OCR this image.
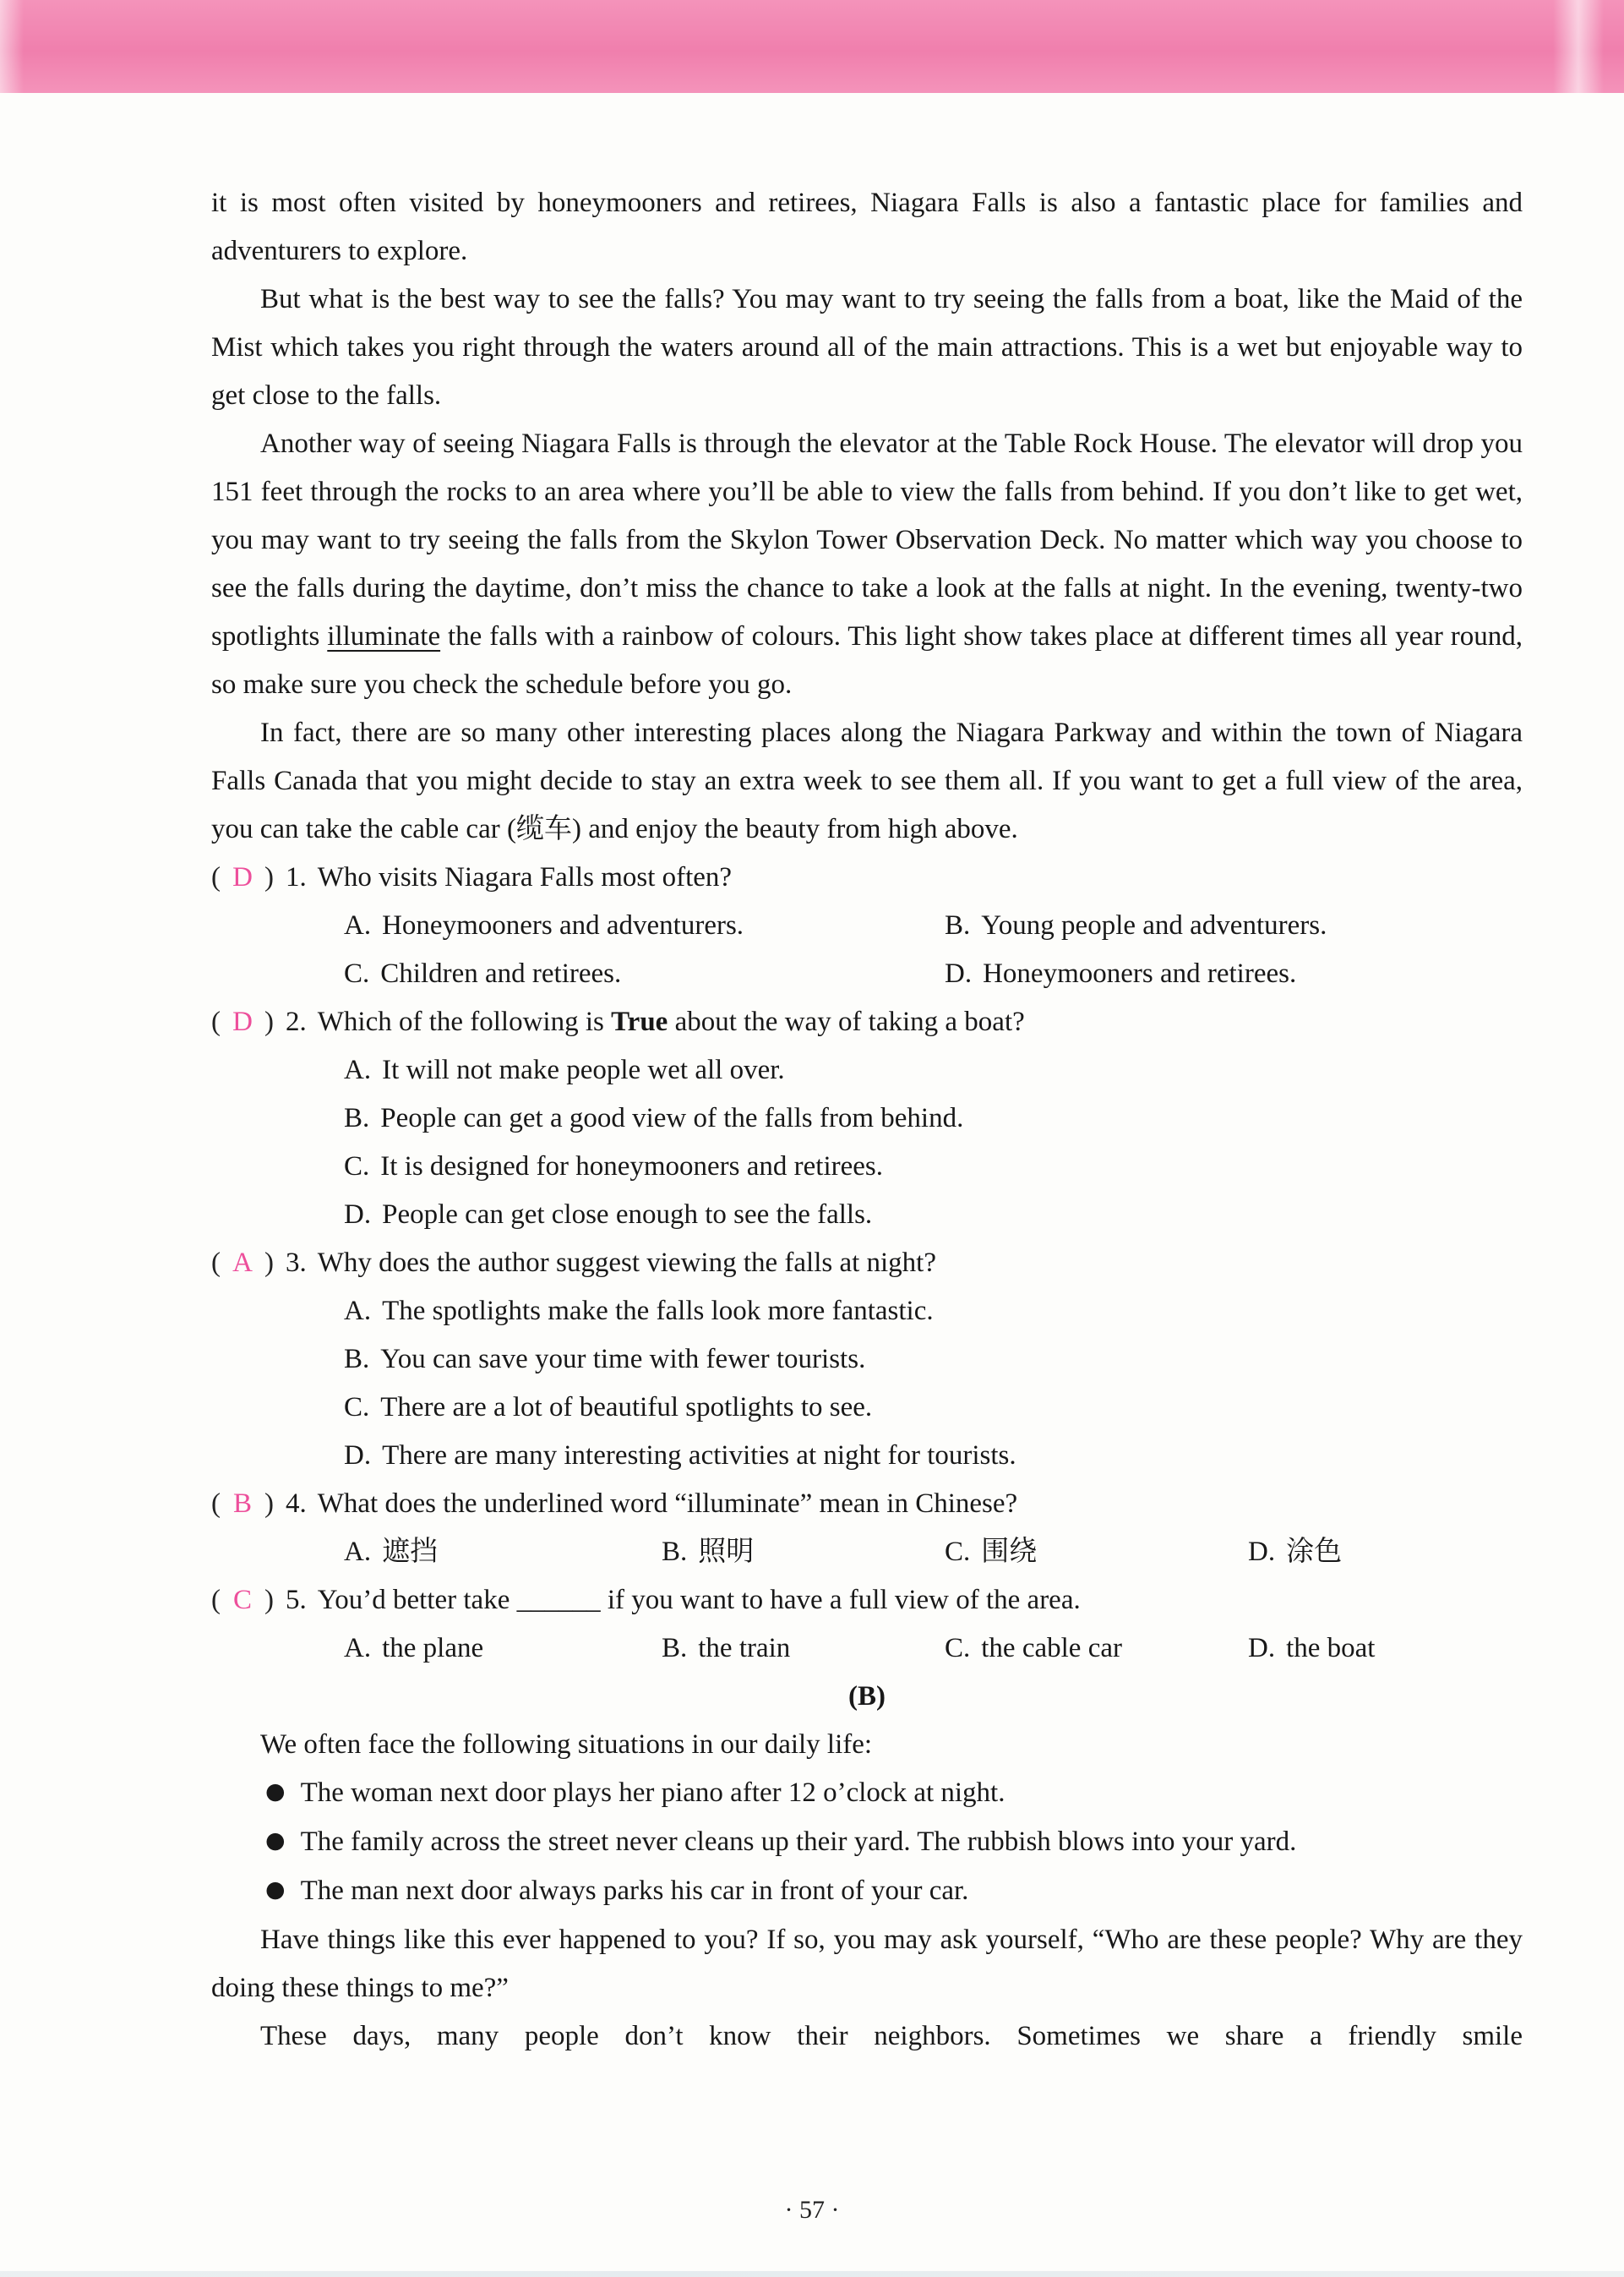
it is most often visited by honeymooners and retirees, Niagara Falls is also a fantastic place for families and adventurers to explore.

But what is the best way to see the falls? You may want to try seeing the falls from a boat, like the Maid of the Mist which takes you right through the waters around all of the main attractions. This is a wet but enjoyable way to get close to the falls.

Another way of seeing Niagara Falls is through the elevator at the Table Rock House. The elevator will drop you 151 feet through the rocks to an area where you’ll be able to view the falls from behind. If you don’t like to get wet, you may want to try seeing the falls from the Skylon Tower Observation Deck. No matter which way you choose to see the falls during the daytime, don’t miss the chance to take a look at the falls at night. In the evening, twenty-two spotlights illuminate the falls with a rainbow of colours. This light show takes place at different times all year round, so make sure you check the schedule before you go.

In fact, there are so many other interesting places along the Niagara Parkway and within the town of Niagara Falls Canada that you might decide to stay an extra week to see them all. If you want to get a full view of the area, you can take the cable car (缆车) and enjoy the beauty from high above.

( D ) 1. Who visits Niagara Falls most often?
A. Honeymooners and adventurers.	B. Young people and adventurers.
C. Children and retirees.	D. Honeymooners and retirees.
( D ) 2. Which of the following is True about the way of taking a boat?
A. It will not make people wet all over.
B. People can get a good view of the falls from behind.
C. It is designed for honeymooners and retirees.
D. People can get close enough to see the falls.
( A ) 3. Why does the author suggest viewing the falls at night?
A. The spotlights make the falls look more fantastic.
B. You can save your time with fewer tourists.
C. There are a lot of beautiful spotlights to see.
D. There are many interesting activities at night for tourists.
( B ) 4. What does the underlined word “illuminate” mean in Chinese?
A. 遮挡	B. 照明	C. 围绕	D. 涂色
( C ) 5. You’d better take ______ if you want to have a full view of the area.
A. the plane	B. the train	C. the cable car	D. the boat
(B)

We often face the following situations in our daily life:

● The woman next door plays her piano after 12 o’clock at night.
● The family across the street never cleans up their yard. The rubbish blows into your yard.
● The man next door always parks his car in front of your car.

Have things like this ever happened to you? If so, you may ask yourself, “Who are these people? Why are they doing these things to me?”

These days, many people don’t know their neighbors. Sometimes we share a friendly smile

· 57 ·
